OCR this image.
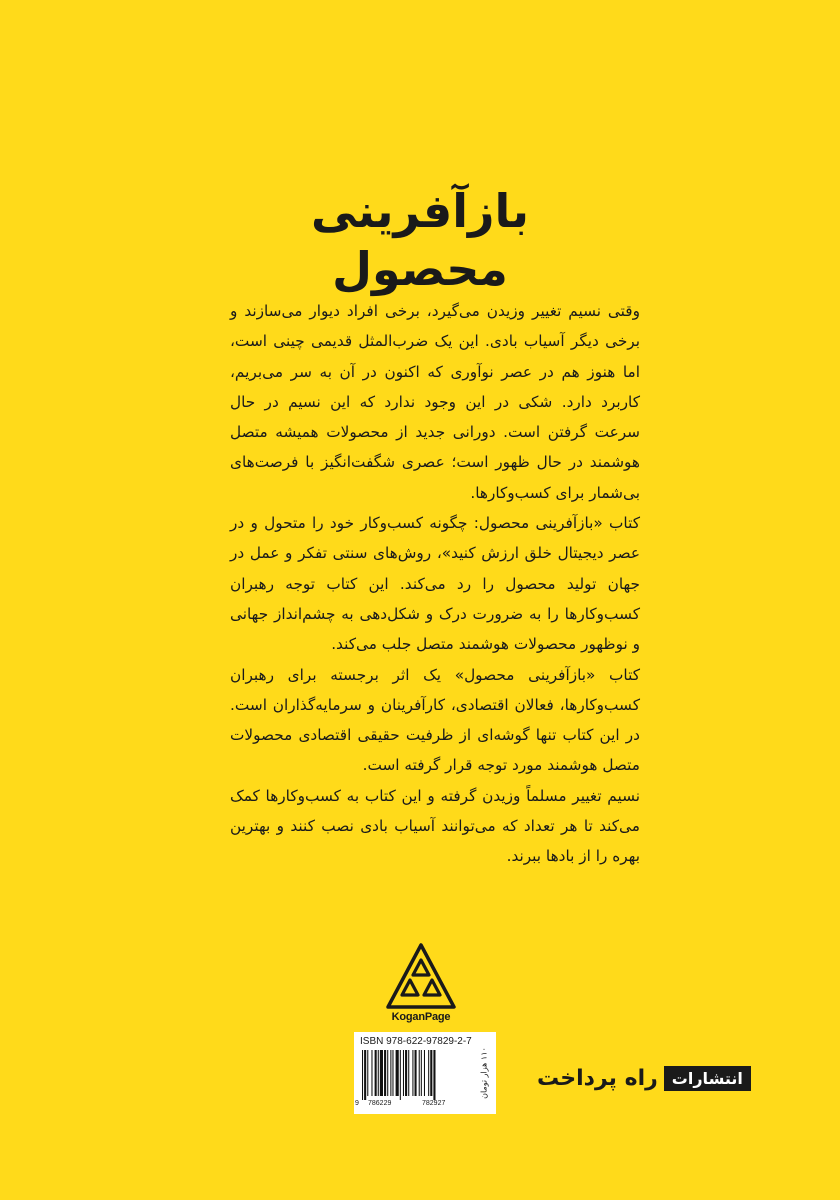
بازآفرینی
محصول

وقتی نسیم تغییر وزیدن می‌گیرد، برخی افراد دیوار می‌سازند و برخی دیگر آسیاب بادی. این یک ضرب‌المثل قدیمی چینی است، اما هنوز هم در عصر نوآوری که اکنون در آن به سر می‌بریم، کاربرد دارد. شکی در این وجود ندارد که این نسیم در حال سرعت گرفتن است. دورانی جدید از محصولات همیشه متصل هوشمند در حال ظهور است؛ عصری شگفت‌انگیز با فرصت‌های بی‌شمار برای کسب‌وکارها.

کتاب «بازآفرینی محصول: چگونه کسب‌وکار خود را متحول و در عصر دیجیتال خلق ارزش کنید»، روش‌های سنتی تفکر و عمل در جهان تولید محصول را رد می‌کند. این کتاب توجه رهبران کسب‌وکارها را به ضرورت درک و شکل‌دهی به چشم‌انداز جهانی و نوظهور محصولات هوشمند متصل جلب می‌کند.

کتاب «بازآفرینی محصول» یک اثر برجسته برای رهبران کسب‌وکارها، فعالان اقتصادی، کارآفرینان و سرمایه‌گذاران است. در این کتاب تنها گوشه‌ای از ظرفیت حقیقی اقتصادی محصولات متصل هوشمند مورد توجه قرار گرفته است.

نسیم تغییر مسلماً وزیدن گرفته و این کتاب به کسب‌وکارها کمک می‌کند تا هر تعداد که می‌توانند آسیاب بادی نصب کنند و بهترین بهره را از بادها ببرند.

KoganPage
ISBN 978-622-97829-2-7
9 786229	782927
۱۱۰ هزار تومان
انتشارات
راه پرداخت
